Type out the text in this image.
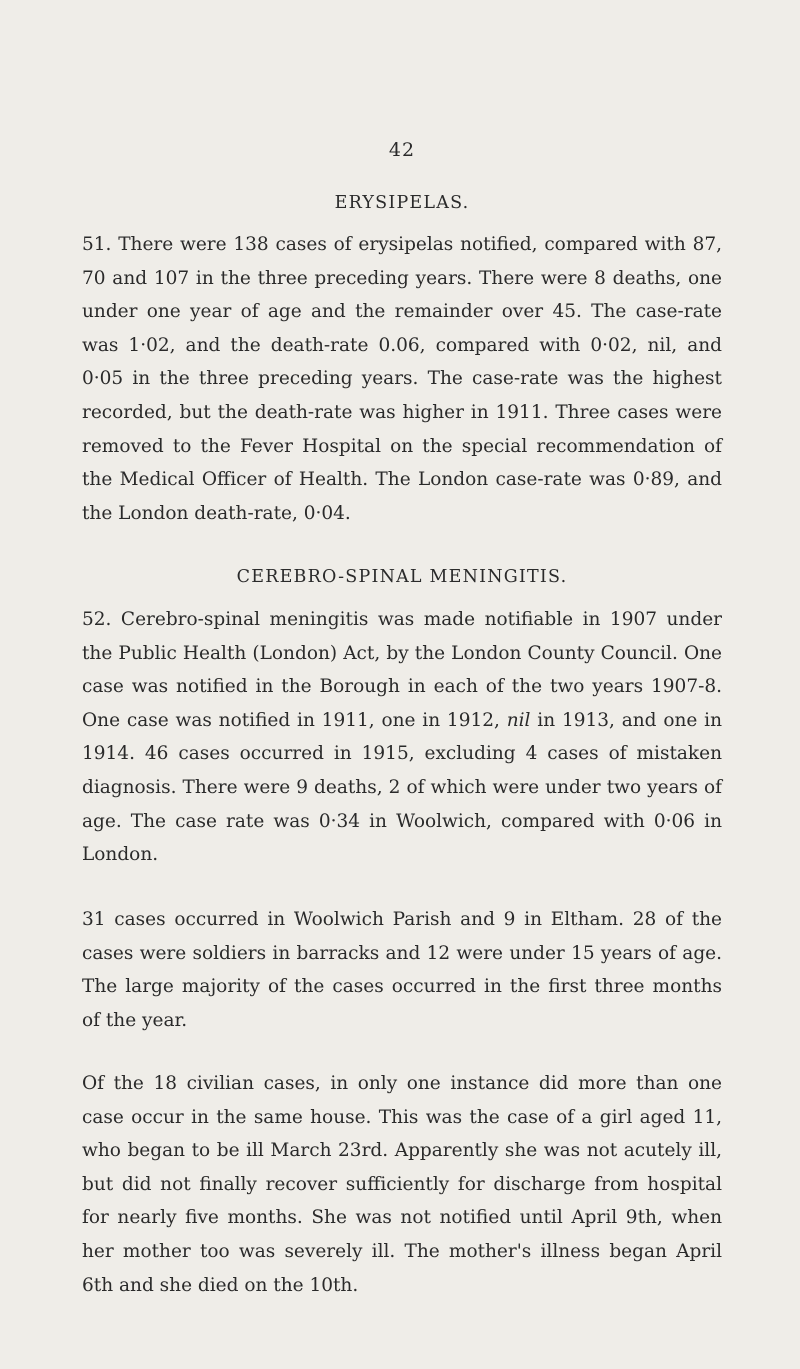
42
ERYSIPELAS.

51. There were 138 cases of erysipelas notified, compared with 87, 70 and 107 in the three preceding years. There were 8 deaths, one under one year of age and the remainder over 45. The case-rate was 1·02, and the death-rate 0.06, compared with 0·02, nil, and 0·05 in the three preceding years. The case-rate was the highest recorded, but the death-rate was higher in 1911. Three cases were removed to the Fever Hospital on the special recommendation of the Medical Officer of Health. The London case-rate was 0·89, and the London death-rate, 0·04.

CEREBRO-SPINAL MENINGITIS.

52. Cerebro-spinal meningitis was made notifiable in 1907 under the Public Health (London) Act, by the London County Council. One case was notified in the Borough in each of the two years 1907-8. One case was notified in 1911, one in 1912, nil in 1913, and one in 1914. 46 cases occurred in 1915, excluding 4 cases of mistaken diagnosis. There were 9 deaths, 2 of which were under two years of age. The case rate was 0·34 in Woolwich, compared with 0·06 in London.

31 cases occurred in Woolwich Parish and 9 in Eltham. 28 of the cases were soldiers in barracks and 12 were under 15 years of age. The large majority of the cases occurred in the first three months of the year.

Of the 18 civilian cases, in only one instance did more than one case occur in the same house. This was the case of a girl aged 11, who began to be ill March 23rd. Apparently she was not acutely ill, but did not finally recover sufficiently for discharge from hospital for nearly five months. She was not notified until April 9th, when her mother too was severely ill. The mother's illness began April 6th and she died on the 10th.
